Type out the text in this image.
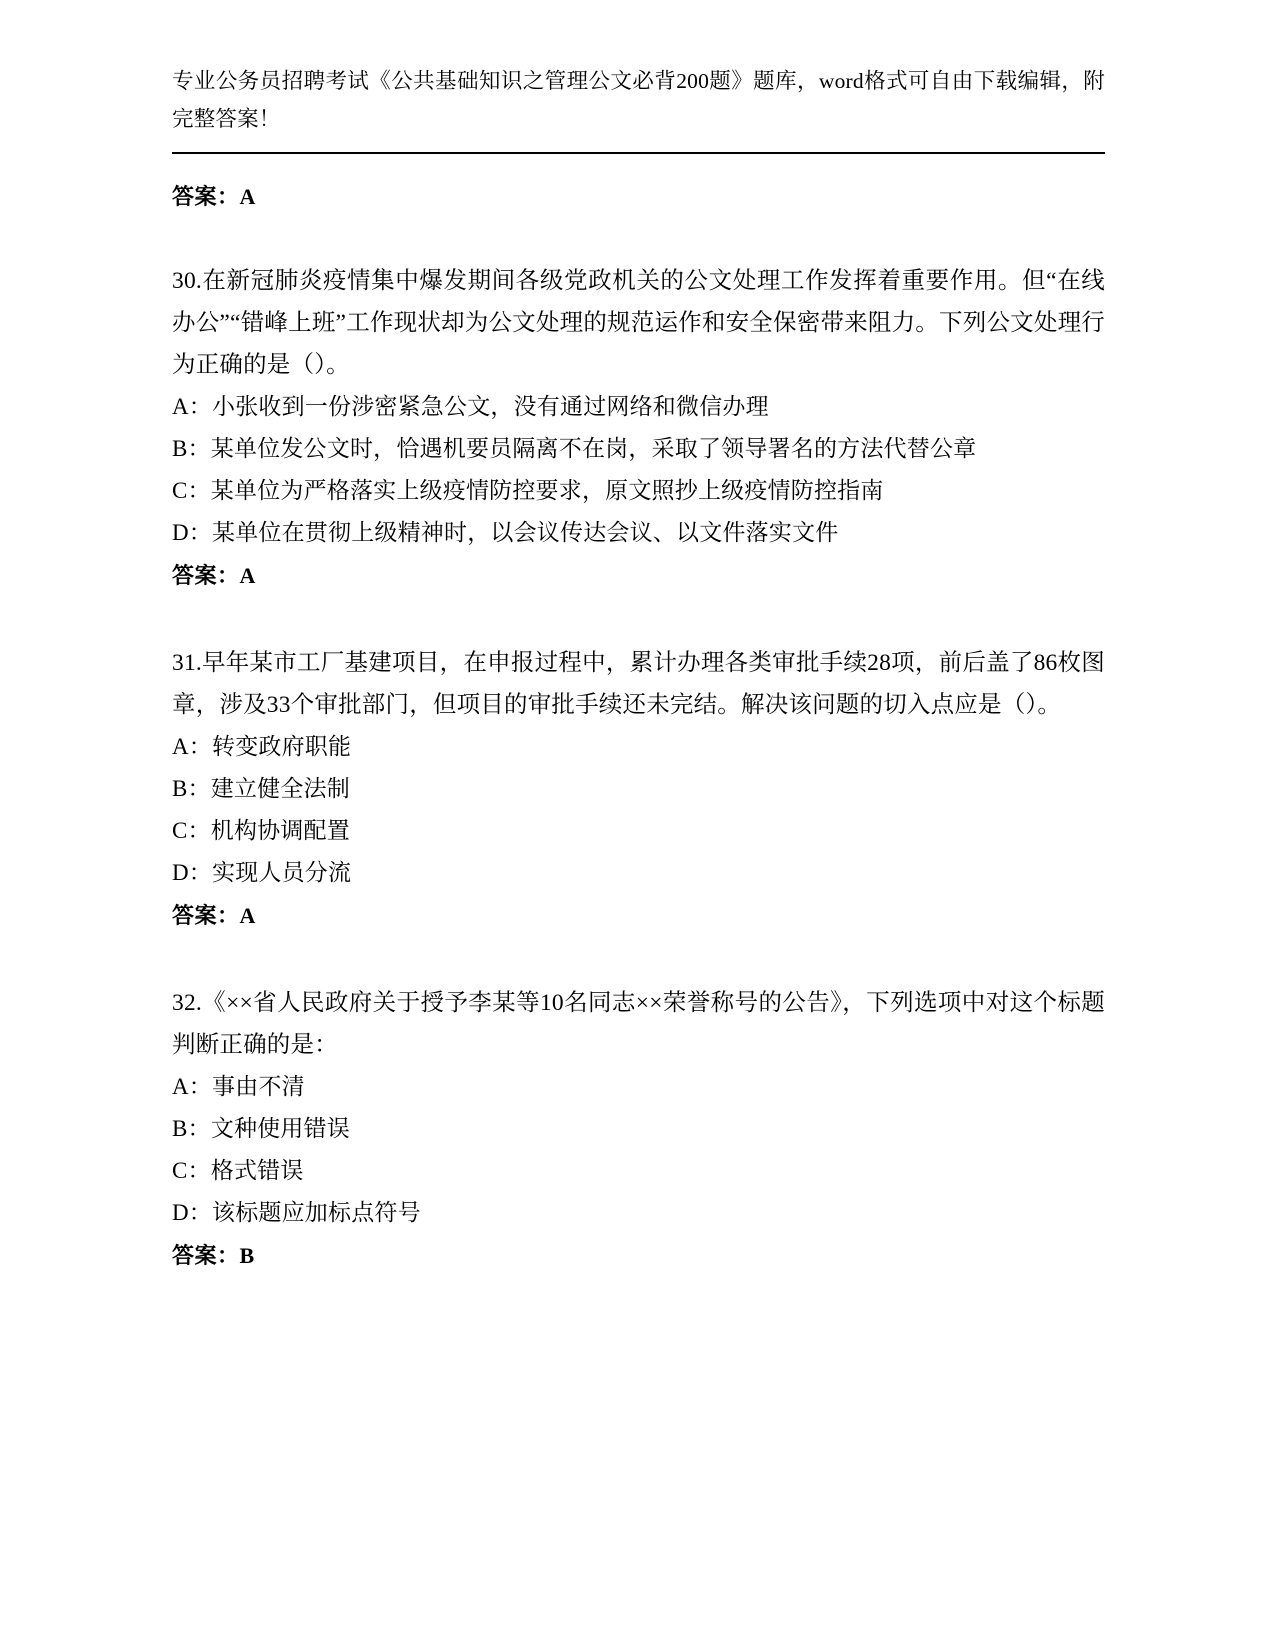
专业公务员招聘考试《公共基础知识之管理公文必背200题》题库，word格式可自由下载编辑，附完整答案！
答案：A
30.在新冠肺炎疫情集中爆发期间各级党政机关的公文处理工作发挥着重要作用。但“在线办公”“错峰上班”工作现状却为公文处理的规范运作和安全保密带来阻力。下列公文处理行为正确的是（）。
A：小张收到一份涉密紧急公文，没有通过网络和微信办理
B：某单位发公文时，恰遇机要员隔离不在岗，采取了领导署名的方法代替公章
C：某单位为严格落实上级疫情防控要求，原文照抄上级疫情防控指南
D：某单位在贯彻上级精神时，以会议传达会议、以文件落实文件
答案：A
31.早年某市工厂基建项目，在申报过程中，累计办理各类审批手续28项，前后盖了86枚图章，涉及33个审批部门，但项目的审批手续还未完结。解决该问题的切入点应是（）。
A：转变政府职能
B：建立健全法制
C：机构协调配置
D：实现人员分流
答案：A
32.《××省人民政府关于授予李某等10名同志××荣誉称号的公告》，下列选项中对这个标题判断正确的是：
A：事由不清
B：文种使用错误
C：格式错误
D：该标题应加标点符号
答案：B
